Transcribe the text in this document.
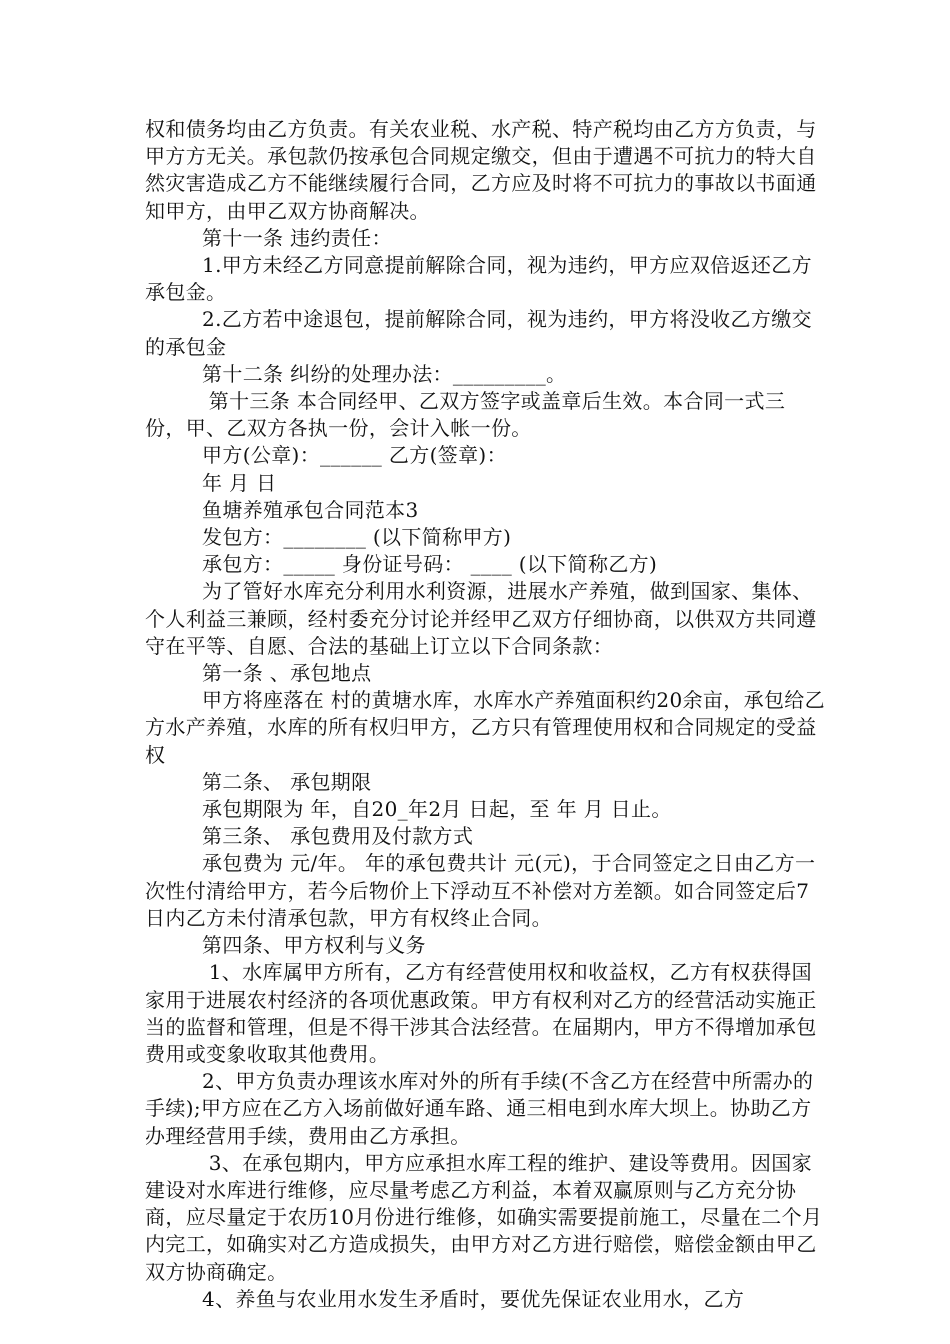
权和债务均由乙方负责。有关农业税、水产税、特产税均由乙方方负责，与甲方方无关。承包款仍按承包合同规定缴交，但由于遭遇不可抗力的特大自然灾害造成乙方不能继续履行合同，乙方应及时将不可抗力的事故以书面通知甲方，由甲乙双方协商解决。

第十一条 违约责任：

1.甲方未经乙方同意提前解除合同，视为违约，甲方应双倍返还乙方承包金。

2.乙方若中途退包，提前解除合同，视为违约，甲方将没收乙方缴交的承包金

第十二条 纠纷的处理办法：_________。

第十三条 本合同经甲、乙双方签字或盖章后生效。本合同一式三份，甲、乙双方各执一份，会计入帐一份。

甲方(公章)：______ 乙方(签章)：

年 月 日

鱼塘养殖承包合同范本3

发包方：________ (以下简称甲方)

承包方：_____ 身份证号码： ____ (以下简称乙方)

为了管好水库充分利用水利资源，进展水产养殖，做到国家、集体、个人利益三兼顾，经村委充分讨论并经甲乙双方仔细协商，以供双方共同遵守在平等、自愿、合法的基础上订立以下合同条款：

第一条 、承包地点

甲方将座落在 村的黄塘水库，水库水产养殖面积约20余亩，承包给乙方水产养殖，水库的所有权归甲方，乙方只有管理使用权和合同规定的受益权

第二条、 承包期限

承包期限为 年，自20_年2月 日起，至 年 月 日止。

第三条、 承包费用及付款方式

承包费为 元/年。 年的承包费共计 元(元)，于合同签定之日由乙方一次性付清给甲方，若今后物价上下浮动互不补偿对方差额。如合同签定后7日内乙方未付清承包款，甲方有权终止合同。

第四条、甲方权利与义务

1、水库属甲方所有，乙方有经营使用权和收益权，乙方有权获得国家用于进展农村经济的各项优惠政策。甲方有权利对乙方的经营活动实施正当的监督和管理，但是不得干涉其合法经营。在届期内，甲方不得增加承包费用或变象收取其他费用。

2、甲方负责办理该水库对外的所有手续(不含乙方在经营中所需办的手续);甲方应在乙方入场前做好通车路、通三相电到水库大坝上。协助乙方办理经营用手续，费用由乙方承担。

3、在承包期内，甲方应承担水库工程的维护、建设等费用。因国家建设对水库进行维修，应尽量考虑乙方利益，本着双赢原则与乙方充分协商，应尽量定于农历10月份进行维修，如确实需要提前施工，尽量在二个月内完工，如确实对乙方造成损失，由甲方对乙方进行赔偿，赔偿金额由甲乙双方协商确定。

4、养鱼与农业用水发生矛盾时，要优先保证农业用水，乙方
